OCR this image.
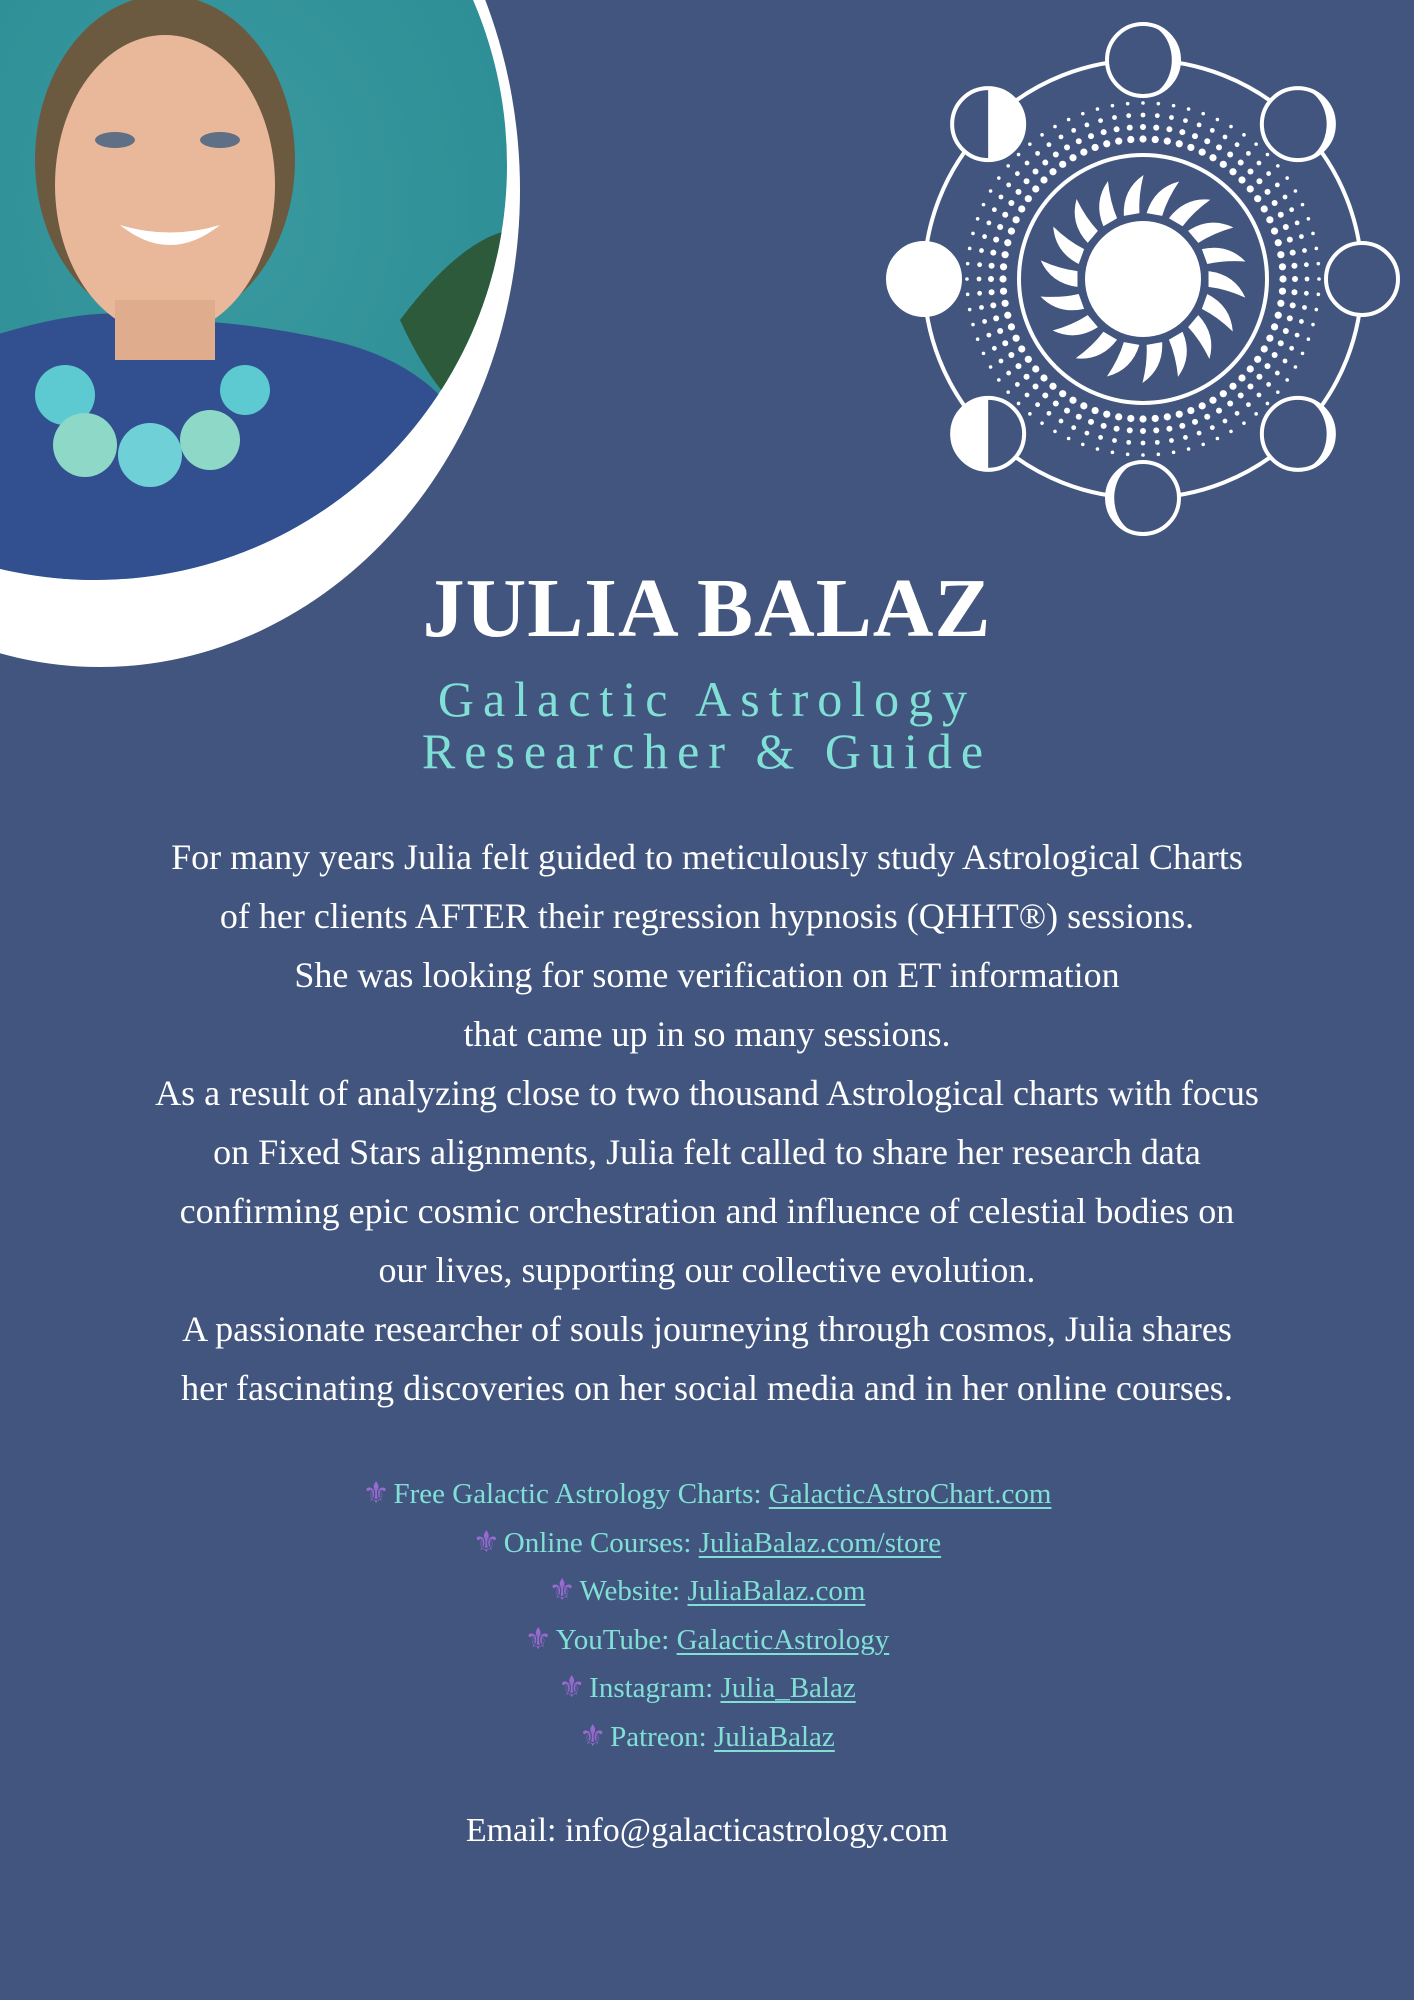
JULIA BALAZ
Galactic Astrology
Researcher & Guide
For many years Julia felt guided to meticulously study Astrological Charts
of her clients AFTER their regression hypnosis (QHHT®) sessions.
She was looking for some verification on ET information
that came up in so many sessions.
As a result of analyzing close to two thousand Astrological charts with focus
on Fixed Stars alignments, Julia felt called to share her research data
confirming epic cosmic orchestration and influence of celestial bodies on
our lives, supporting our collective evolution.
A passionate researcher of souls journeying through cosmos, Julia shares
her fascinating discoveries on her social media and in her online courses.
⚜ Free Galactic Astrology Charts: GalacticAstroChart.com
⚜ Online Courses: JuliaBalaz.com/store
⚜ Website: JuliaBalaz.com
⚜ YouTube: GalacticAstrology
⚜ Instagram: Julia_Balaz
⚜ Patreon: JuliaBalaz
Email: info@galacticastrology.com
